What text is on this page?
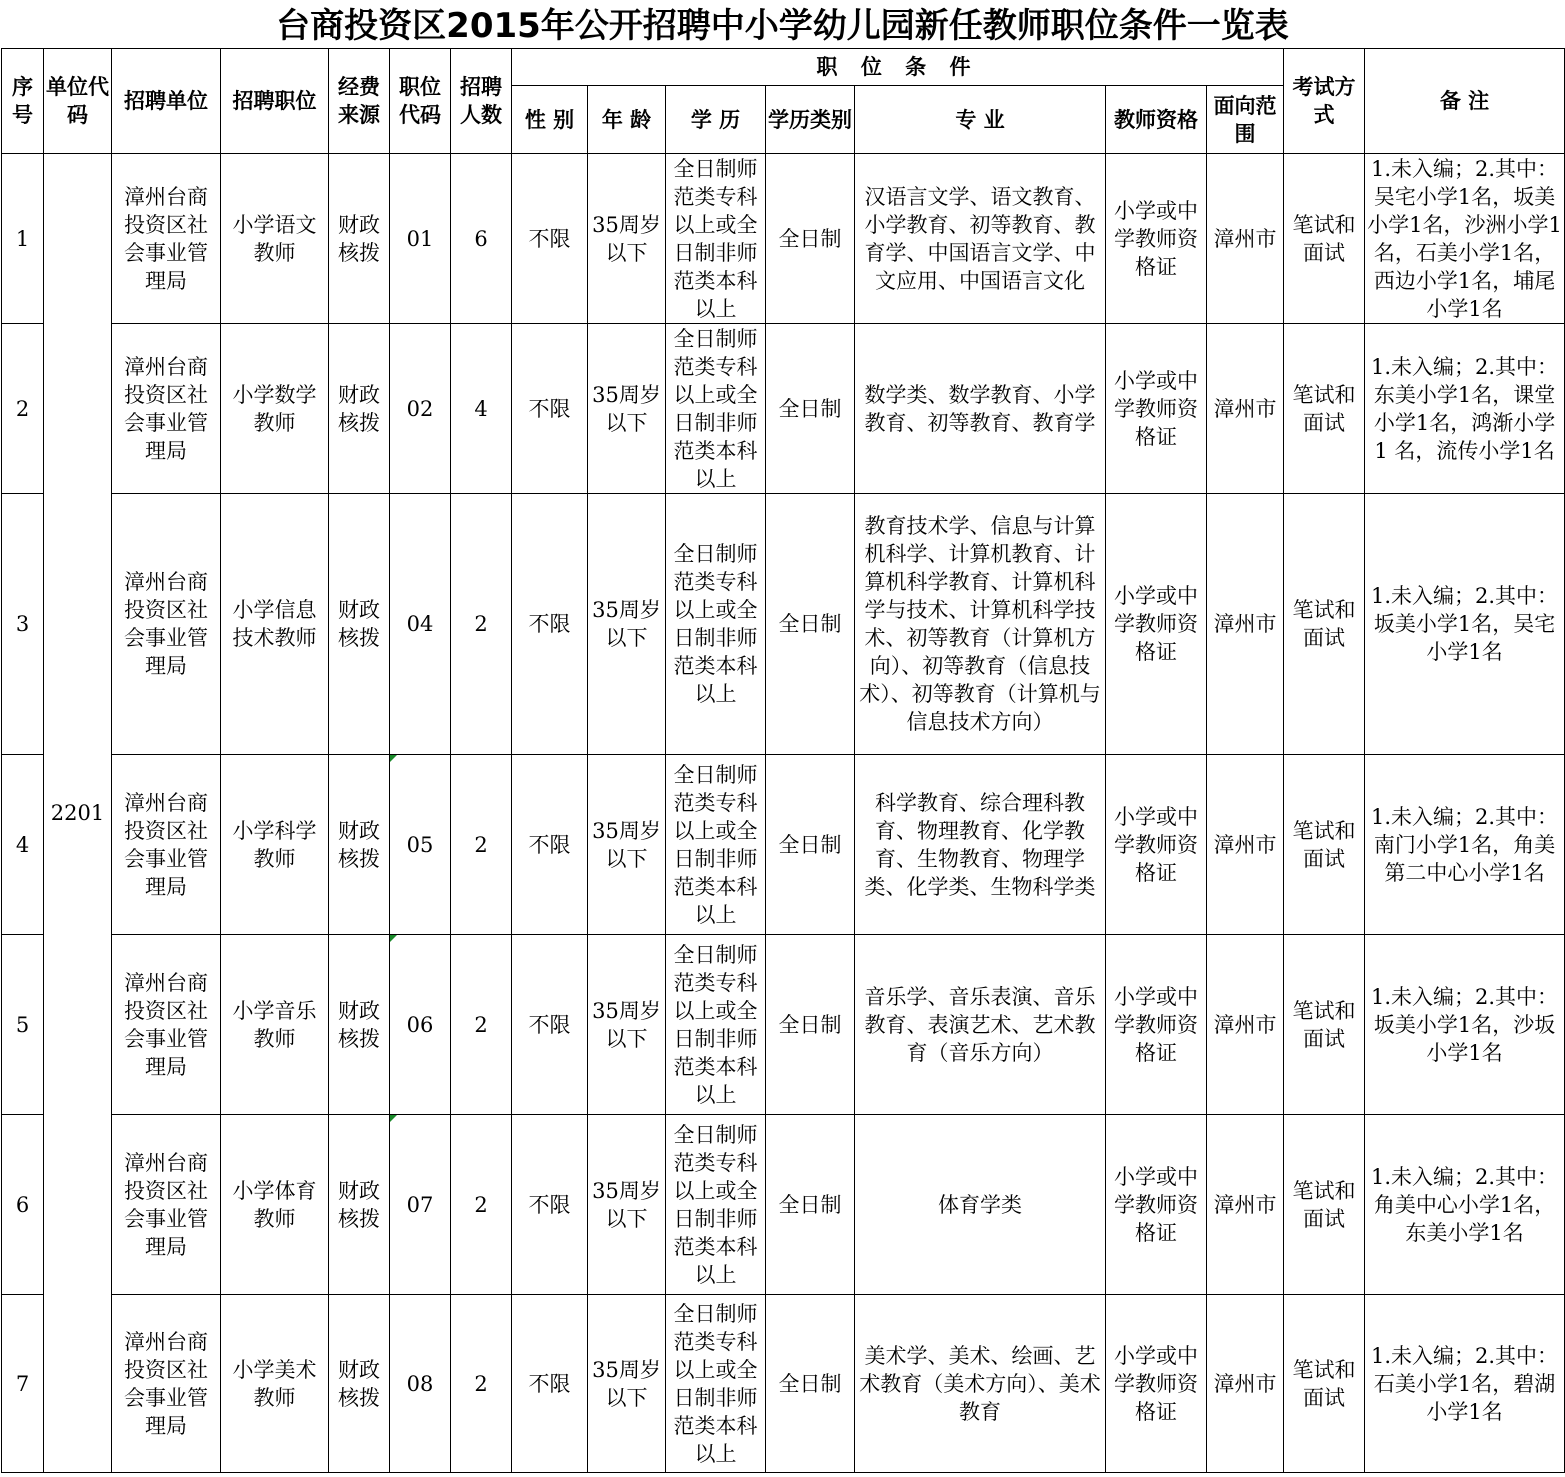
台商投资区2015年公开招聘中小学幼儿园新任教师职位条件一览表
序号	单位代码	招聘单位	招聘职位	经费来源	职位代码	招聘人数	职 位 条 件							考试方式	备 注
							性 别	年 龄	学 历	学历类别	专 业	教师资格	面向范围		
1	2201	漳州台商投资区社会事业管理局	小学语文教师	财政核拨	01	6	不限	35周岁以下	全日制师范类专科以上或全日制非师范类本科以上	全日制	汉语言文学、语文教育、小学教育、初等教育、教育学、中国语言文学、中文应用、中国语言文化	小学或中学教师资格证	漳州市	笔试和面试	1.未入编；2.其中：吴宅小学1名，坂美小学1名，沙洲小学1名，石美小学1名，西边小学1名，埔尾小学1名
2		漳州台商投资区社会事业管理局	小学数学教师	财政核拨	02	4	不限	35周岁以下	全日制师范类专科以上或全日制非师范类本科以上	全日制	数学类、数学教育、小学教育、初等教育、教育学	小学或中学教师资格证	漳州市	笔试和面试	1.未入编；2.其中：东美小学1名，课堂小学1名，鸿渐小学 1 名，流传小学1名
3		漳州台商投资区社会事业管理局	小学信息技术教师	财政核拨	04	2	不限	35周岁以下	全日制师范类专科以上或全日制非师范类本科以上	全日制	教育技术学、信息与计算机科学、计算机教育、计算机科学教育、计算机科学与技术、计算机科学技术、初等教育（计算机方向）、初等教育（信息技术）、初等教育（计算机与信息技术方向）	小学或中学教师资格证	漳州市	笔试和面试	1.未入编；2.其中：坂美小学1名，吴宅小学1名
4		漳州台商投资区社会事业管理局	小学科学教师	财政核拨	05	2	不限	35周岁以下	全日制师范类专科以上或全日制非师范类本科以上	全日制	科学教育、综合理科教育、物理教育、化学教育、生物教育、物理学类、化学类、生物科学类	小学或中学教师资格证	漳州市	笔试和面试	1.未入编；2.其中：南门小学1名，角美第二中心小学1名
5		漳州台商投资区社会事业管理局	小学音乐教师	财政核拨	06	2	不限	35周岁以下	全日制师范类专科以上或全日制非师范类本科以上	全日制	音乐学、音乐表演、音乐教育、表演艺术、艺术教育（音乐方向）	小学或中学教师资格证	漳州市	笔试和面试	1.未入编；2.其中：坂美小学1名，沙坂小学1名
6		漳州台商投资区社会事业管理局	小学体育教师	财政核拨	07	2	不限	35周岁以下	全日制师范类专科以上或全日制非师范类本科以上	全日制	体育学类	小学或中学教师资格证	漳州市	笔试和面试	1.未入编；2.其中：角美中心小学1名，东美小学1名
7		漳州台商投资区社会事业管理局	小学美术教师	财政核拨	08	2	不限	35周岁以下	全日制师范类专科以上或全日制非师范类本科以上	全日制	美术学、美术、绘画、艺术教育（美术方向）、美术教育	小学或中学教师资格证	漳州市	笔试和面试	1.未入编；2.其中：石美小学1名，碧湖小学1名
